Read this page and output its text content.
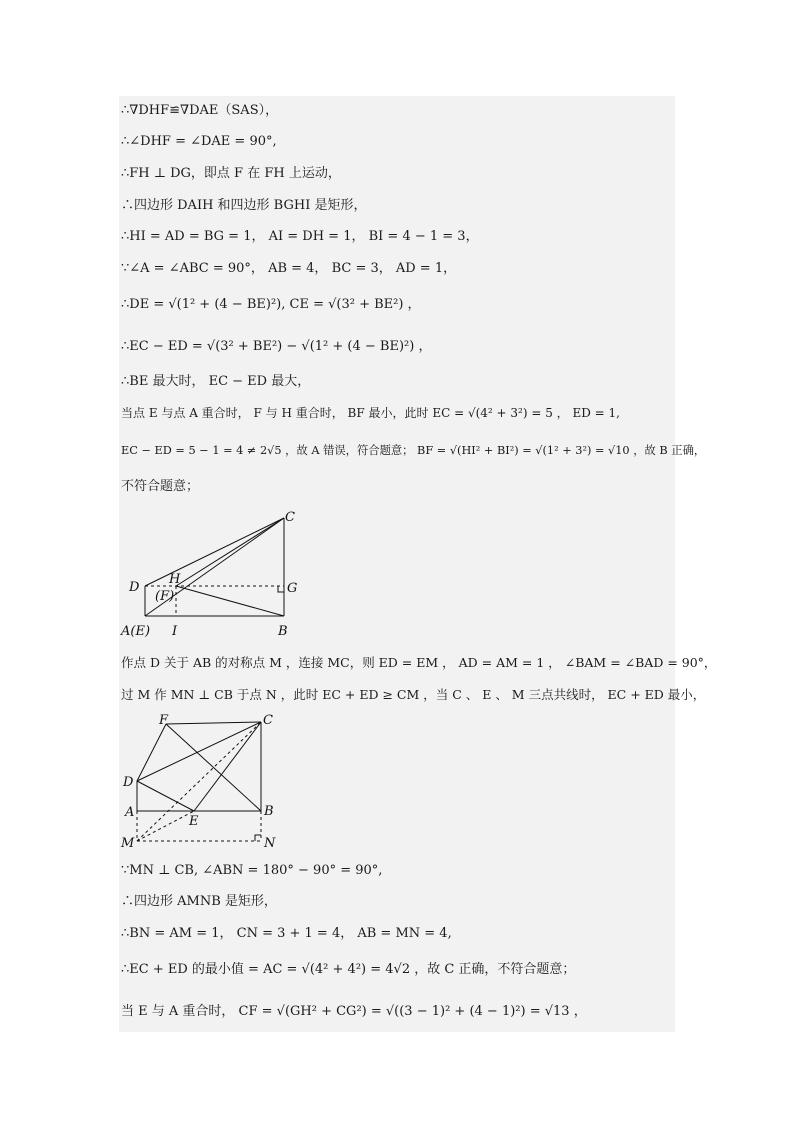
∴∇DHF≌∇DAE（SAS），
∴∠DHF = ∠DAE = 90°,
∴FH ⊥ DG，即点 F 在 FH 上运动，
∴四边形 DAIH 和四边形 BGHI 是矩形，
∴HI = AD = BG = 1， AI = DH = 1， BI = 4 − 1 = 3，
∵∠A = ∠ABC = 90°， AB = 4， BC = 3， AD = 1，
∴DE = √(1² + (4 − BE)²), CE = √(3² + BE²) ，
∴EC − ED = √(3² + BE²) − √(1² + (4 − BE)²) ，
∴BE 最大时， EC − ED 最大，
当点 E 与点 A 重合时， F 与 H 重合时， BF 最小，此时 EC = √(4² + 3²) = 5 ， ED = 1,
EC − ED = 5 − 1 = 4 ≠ 2√5 ，故 A 错误，符合题意； BF = √(HI² + BI²) = √(1² + 3²) = √10 ，故 B 正确，
不符合题意；
C
D
H
G
(F)
A(E) I	B
作点 D 关于 AB 的对称点 M ，连接 MC，则 ED = EM ， AD = AM = 1 ， ∠BAM = ∠BAD = 90°，
过 M 作 MN ⊥ CB 于点 N ，此时 EC + ED ≥ CM ，当 C 、 E 、 M 三点共线时， EC + ED 最小，
F	C
D
A	B
E
M	N
∵MN ⊥ CB, ∠ABN = 180° − 90° = 90°,
∴四边形 AMNB 是矩形，
∴BN = AM = 1， CN = 3 + 1 = 4， AB = MN = 4,
∴EC + ED 的最小值 = AC = √(4² + 4²) = 4√2 ，故 C 正确，不符合题意；
当 E 与 A 重合时， CF = √(GH² + CG²) = √((3 − 1)² + (4 − 1)²) = √13 ，
